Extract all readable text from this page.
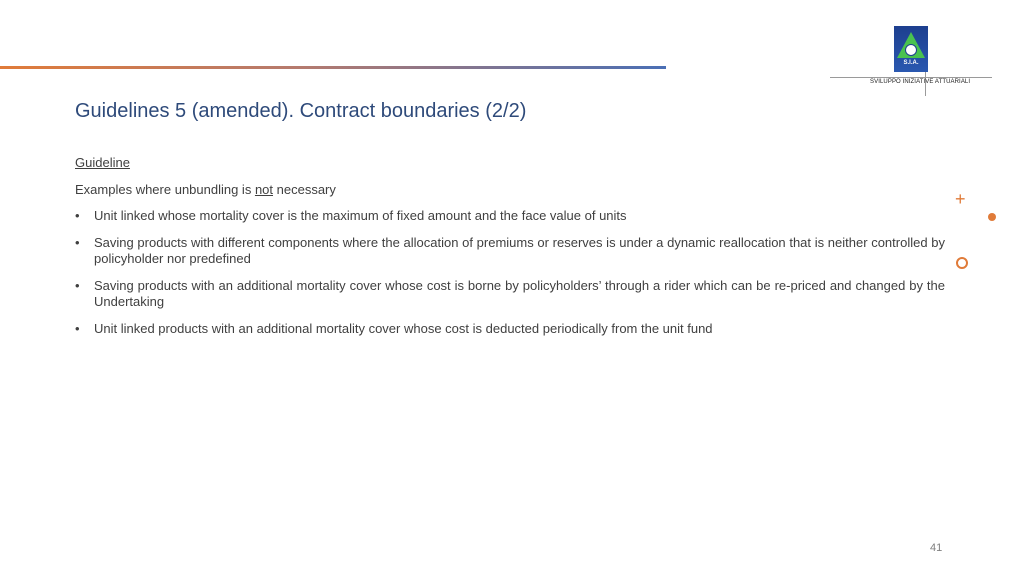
S.I.A.
SVILUPPO INIZIATIVE ATTUARIALI
Guidelines 5 (amended). Contract boundaries (2/2)
Guideline
Examples where unbundling is not necessary
• Unit linked whose mortality cover is the maximum of fixed amount and the face value of units
• Saving products with different components where the allocation of premiums or reserves is under a dynamic reallocation that is neither controlled by policyholder nor predefined
• Saving products with an additional mortality cover whose cost is borne by policyholders’ through a rider which can be re-priced and changed by the Undertaking
• Unit linked products with an additional mortality cover whose cost is deducted periodically from the unit fund
+
41
